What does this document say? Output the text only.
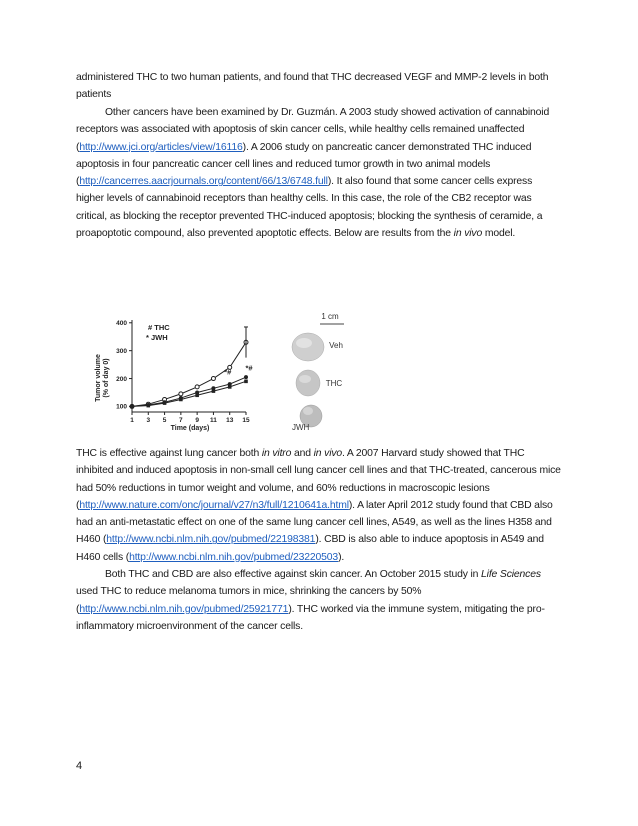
administered THC to two human patients, and found that THC decreased VEGF and MMP-2 levels in both patients

Other cancers have been examined by Dr. Guzmán. A 2003 study showed activation of cannabinoid receptors was associated with apoptosis of skin cancer cells, while healthy cells remained unaffected (http://www.jci.org/articles/view/16116). A 2006 study on pancreatic cancer demonstrated THC induced apoptosis in four pancreatic cancer cell lines and reduced tumor growth in two animal models (http://cancerres.aacrjournals.org/content/66/13/6748.full). It also found that some cancer cells express higher levels of cannabinoid receptors than healthy cells. In this case, the role of the CB2 receptor was critical, as blocking the receptor prevented THC-induced apoptosis; blocking the synthesis of ceramide, a proapoptotic compound, also prevented apoptotic effects. Below are results from the in vivo model.

Tumor volume (% of day 0)
Time (days)
100
200
300
400
1 3 5 7 9 11 13 15
*# *#
# THC
* JWH
1 cm
Veh
THC
JWH

THC is effective against lung cancer both in vitro and in vivo. A 2007 Harvard study showed that THC inhibited and induced apoptosis in non-small cell lung cancer cell lines and that THC-treated, cancerous mice had 50% reductions in tumor weight and volume, and 60% reductions in macroscopic lesions (http://www.nature.com/onc/journal/v27/n3/full/1210641a.html). A later April 2012 study found that CBD also had an anti-metastatic effect on one of the same lung cancer cell lines, A549, as well as the lines H358 and H460 (http://www.ncbi.nlm.nih.gov/pubmed/22198381). CBD is also able to induce apoptosis in A549 and H460 cells (http://www.ncbi.nlm.nih.gov/pubmed/23220503).

Both THC and CBD are also effective against skin cancer. An October 2015 study in Life Sciences used THC to reduce melanoma tumors in mice, shrinking the cancers by 50% (http://www.ncbi.nlm.nih.gov/pubmed/25921771). THC worked via the immune system, mitigating the pro-inflammatory microenvironment of the cancer cells.

4
